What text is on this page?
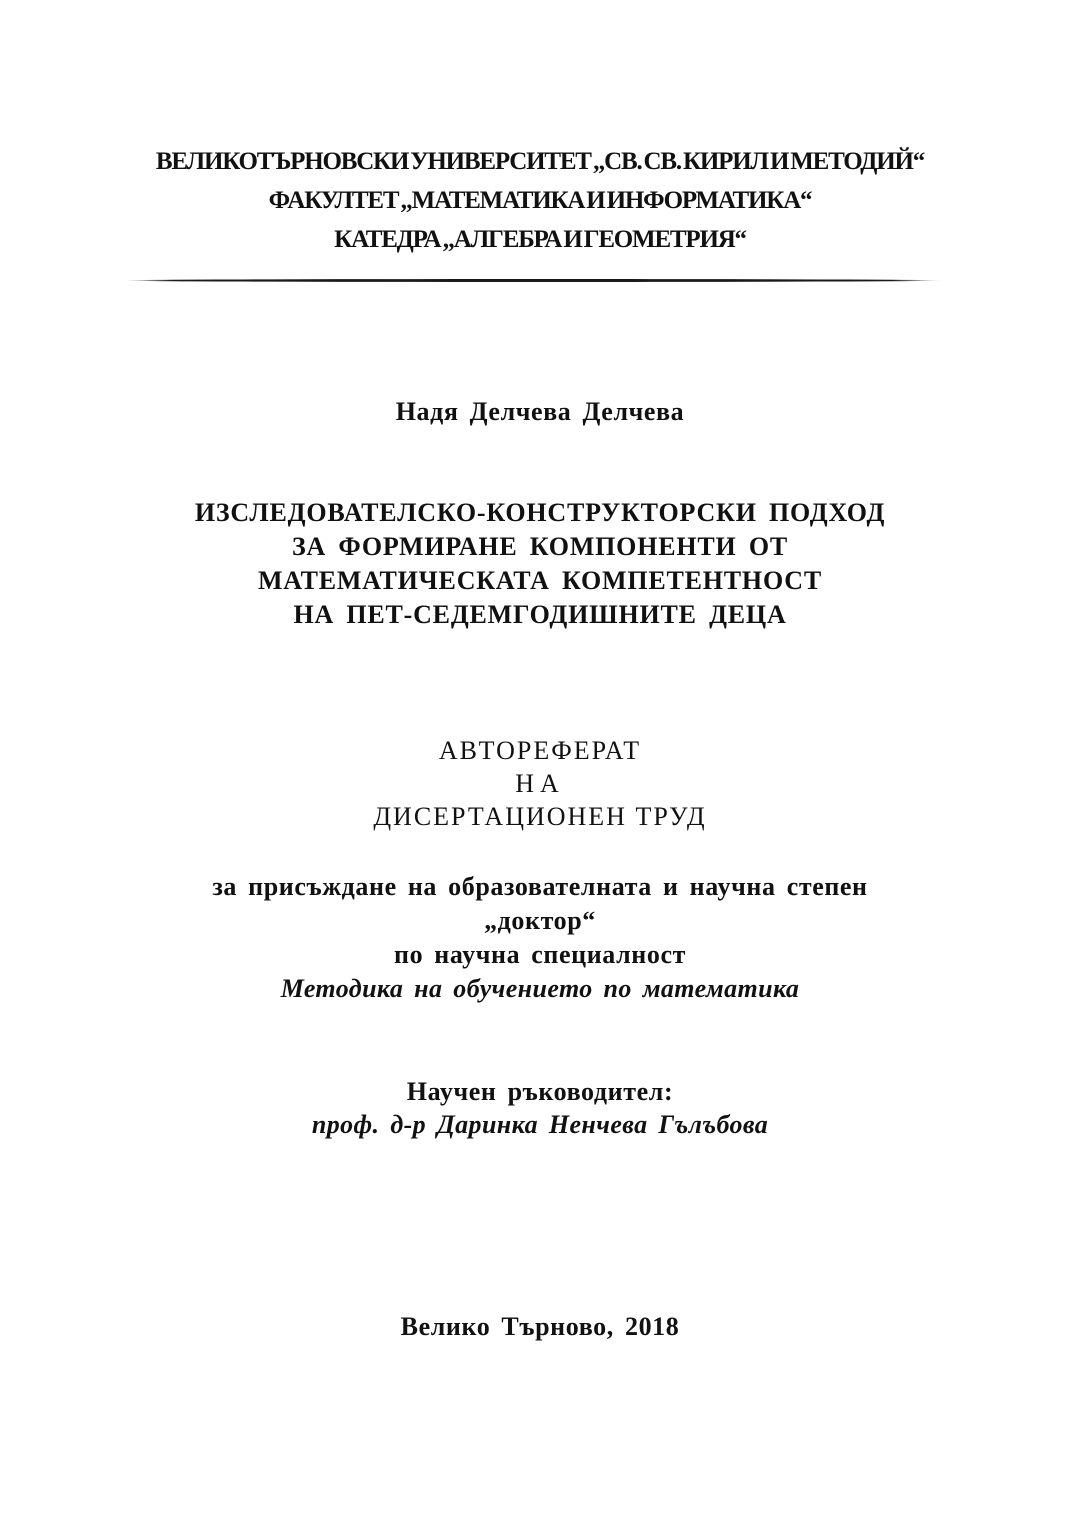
ВЕЛИКОТЪРНОВСКИ УНИВЕРСИТЕТ „СВ. СВ. КИРИЛ И МЕТОДИЙ“
ФАКУЛТЕТ „МАТЕМАТИКА И ИНФОРМАТИКА“
КАТЕДРА „АЛГЕБРА И ГЕОМЕТРИЯ“
Надя Делчева Делчева
ИЗСЛЕДОВАТЕЛСКО-КОНСТРУКТОРСКИ ПОДХОД
ЗА ФОРМИРАНЕ КОМПОНЕНТИ ОТ
МАТЕМАТИЧЕСКАТА КОМПЕТЕНТНОСТ
НА ПЕТ-СЕДЕМГОДИШНИТЕ ДЕЦА
АВТОРЕФЕРАТ
НА
ДИСЕРТАЦИОНЕН ТРУД
за присъждане на образователната и научна степен
„доктор“
по научна специалност
Методика на обучението по математика
Научен ръководител:
проф. д-р Даринка Ненчева Гълъбова
Велико Търново, 2018
